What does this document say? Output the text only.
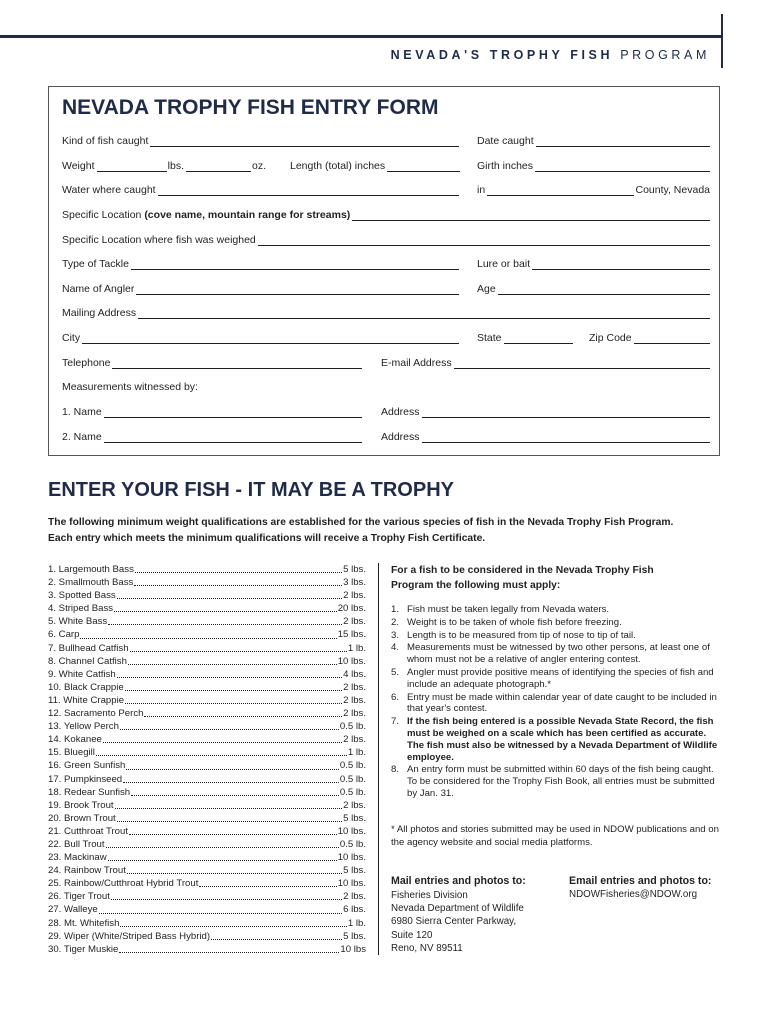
NEVADA'S TROPHY FISH PROGRAM
NEVADA TROPHY FISH ENTRY FORM
Kind of fish caught	Date caught
Weight	lbs.	oz. Length (total) inches	Girth inches
Water where caught	in	County, Nevada
Specific Location (cove name, mountain range for streams)
Specific Location where fish was weighed
Type of Tackle	Lure or bait
Name of Angler	Age
Mailing Address
City	State	Zip Code
Telephone	E-mail Address
Measurements witnessed by:
1. Name	Address
2. Name	Address
ENTER YOUR FISH - IT MAY BE A TROPHY
The following minimum weight qualifications are established for the various species of fish in the Nevada Trophy Fish Program. Each entry which meets the minimum qualifications will receive a Trophy Fish Certificate.
1. Largemouth Bass	5 lbs.
2. Smallmouth Bass	3 lbs.
3. Spotted Bass	2 lbs.
4. Striped Bass	20 lbs.
5. White Bass	2 lbs.
6. Carp	15 lbs.
7. Bullhead Catfish	1 lb.
8. Channel Catfish	10 lbs.
9. White Catfish	4 lbs.
10. Black Crappie	2 lbs.
11. White Crappie	2 lbs.
12. Sacramento Perch	2 lbs.
13. Yellow Perch	0.5 lb.
14. Kokanee	2 lbs.
15. Bluegill	1 lb.
16. Green Sunfish	0.5 lb.
17. Pumpkinseed	0.5 lb.
18. Redear Sunfish	0.5 lb.
19. Brook Trout	2 lbs.
20. Brown Trout	5 lbs.
21. Cutthroat Trout	10 lbs.
22. Bull Trout	0.5 lb.
23. Mackinaw	10 lbs.
24. Rainbow Trout	5 lbs.
25. Rainbow/Cutthroat Hybrid Trout	10 lbs.
26. Tiger Trout	2 lbs.
27. Walleye	6 lbs.
28. Mt. Whitefish	1 lb.
29. Wiper (White/Striped Bass Hybrid)	5 lbs.
30. Tiger Muskie	10 lbs
For a fish to be considered in the Nevada Trophy Fish Program the following must apply:
1. Fish must be taken legally from Nevada waters.
2. Weight is to be taken of whole fish before freezing.
3. Length is to be measured from tip of nose to tip of tail.
4. Measurements must be witnessed by two other persons, at least one of whom must not be a relative of angler entering contest.
5. Angler must provide positive means of identifying the species of fish and include an adequate photograph.*
6. Entry must be made within calendar year of date caught to be included in that year's contest.
7. If the fish being entered is a possible Nevada State Record, the fish must be weighed on a scale which has been certified as accurate. The fish must also be witnessed by a Nevada Department of Wildlife employee.
8. An entry form must be submitted within 60 days of the fish being caught. To be considered for the Trophy Fish Book, all entries must be submitted by Jan. 31.
* All photos and stories submitted may be used in NDOW publications and on the agency website and social media platforms.
Mail entries and photos to:
Fisheries Division
Nevada Department of Wildlife
6980 Sierra Center Parkway,
Suite 120
Reno, NV 89511
Email entries and photos to:
NDOWFisheries@NDOW.org
